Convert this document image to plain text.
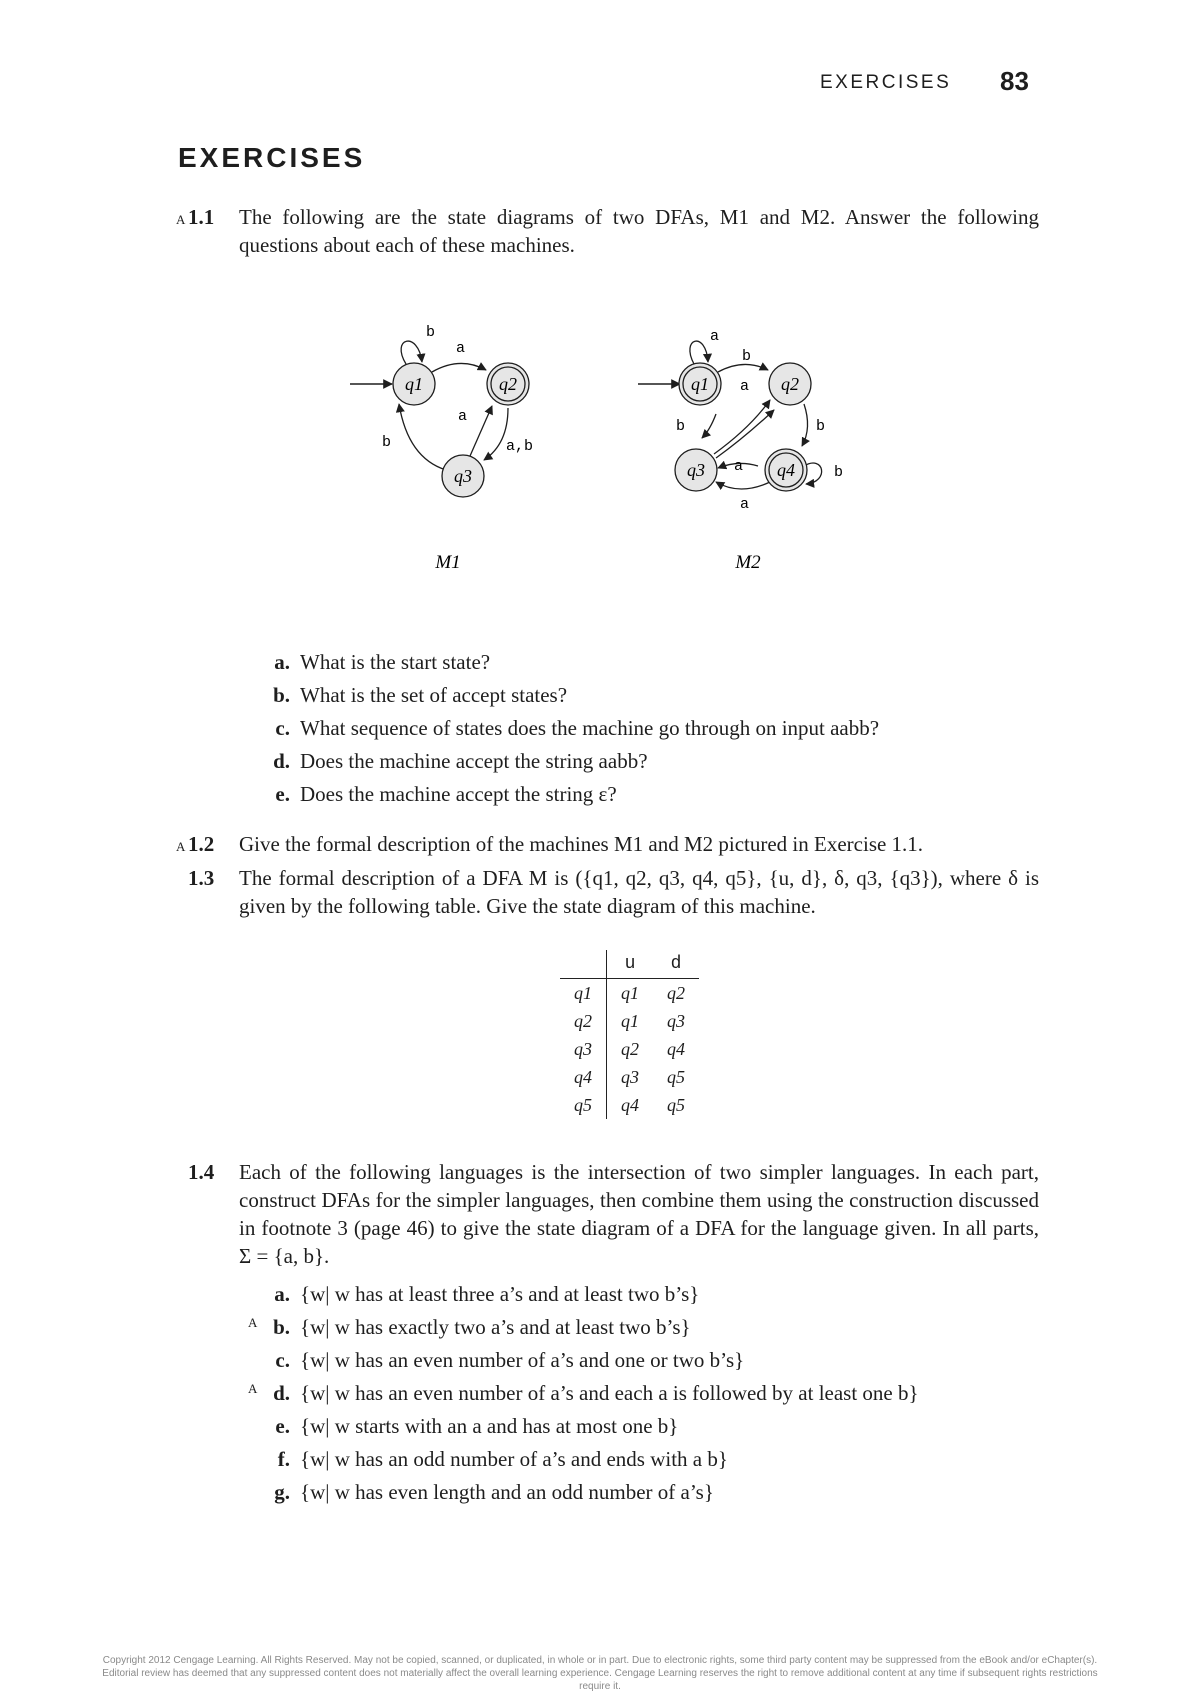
EXERCISES 83
EXERCISES
A 1.1 The following are the state diagrams of two DFAs, M1 and M2. Answer the following questions about each of these machines.
q1	q2
q3
b
a
a
b	a,b
M1
q1	q2
q3	q4
a
b
a
b	b
a
a
b
M2
a. What is the start state?
b. What is the set of accept states?
c. What sequence of states does the machine go through on input aabb?
d. Does the machine accept the string aabb?
e. Does the machine accept the string ε?
A 1.2 Give the formal description of the machines M1 and M2 pictured in Exercise 1.1.
1.3 The formal description of a DFA M is ({q1, q2, q3, q4, q5}, {u, d}, δ, q3, {q3}), where δ is given by the following table. Give the state diagram of this machine.
	u	d
q1	q1	q2
q2	q1	q3
q3	q2	q4
q4	q3	q5
q5	q4	q5
1.4 Each of the following languages is the intersection of two simpler languages. In each part, construct DFAs for the simpler languages, then combine them using the construction discussed in footnote 3 (page 46) to give the state diagram of a DFA for the language given. In all parts, Σ = {a, b}.
a. {w| w has at least three a’s and at least two b’s}
A b. {w| w has exactly two a’s and at least two b’s}
c. {w| w has an even number of a’s and one or two b’s}
A d. {w| w has an even number of a’s and each a is followed by at least one b}
e. {w| w starts with an a and has at most one b}
f. {w| w has an odd number of a’s and ends with a b}
g. {w| w has even length and an odd number of a’s}
Copyright 2012 Cengage Learning. All Rights Reserved. May not be copied, scanned, or duplicated, in whole or in part. Due to electronic rights, some third party content may be suppressed from the eBook and/or eChapter(s). Editorial review has deemed that any suppressed content does not materially affect the overall learning experience. Cengage Learning reserves the right to remove additional content at any time if subsequent rights restrictions require it.
